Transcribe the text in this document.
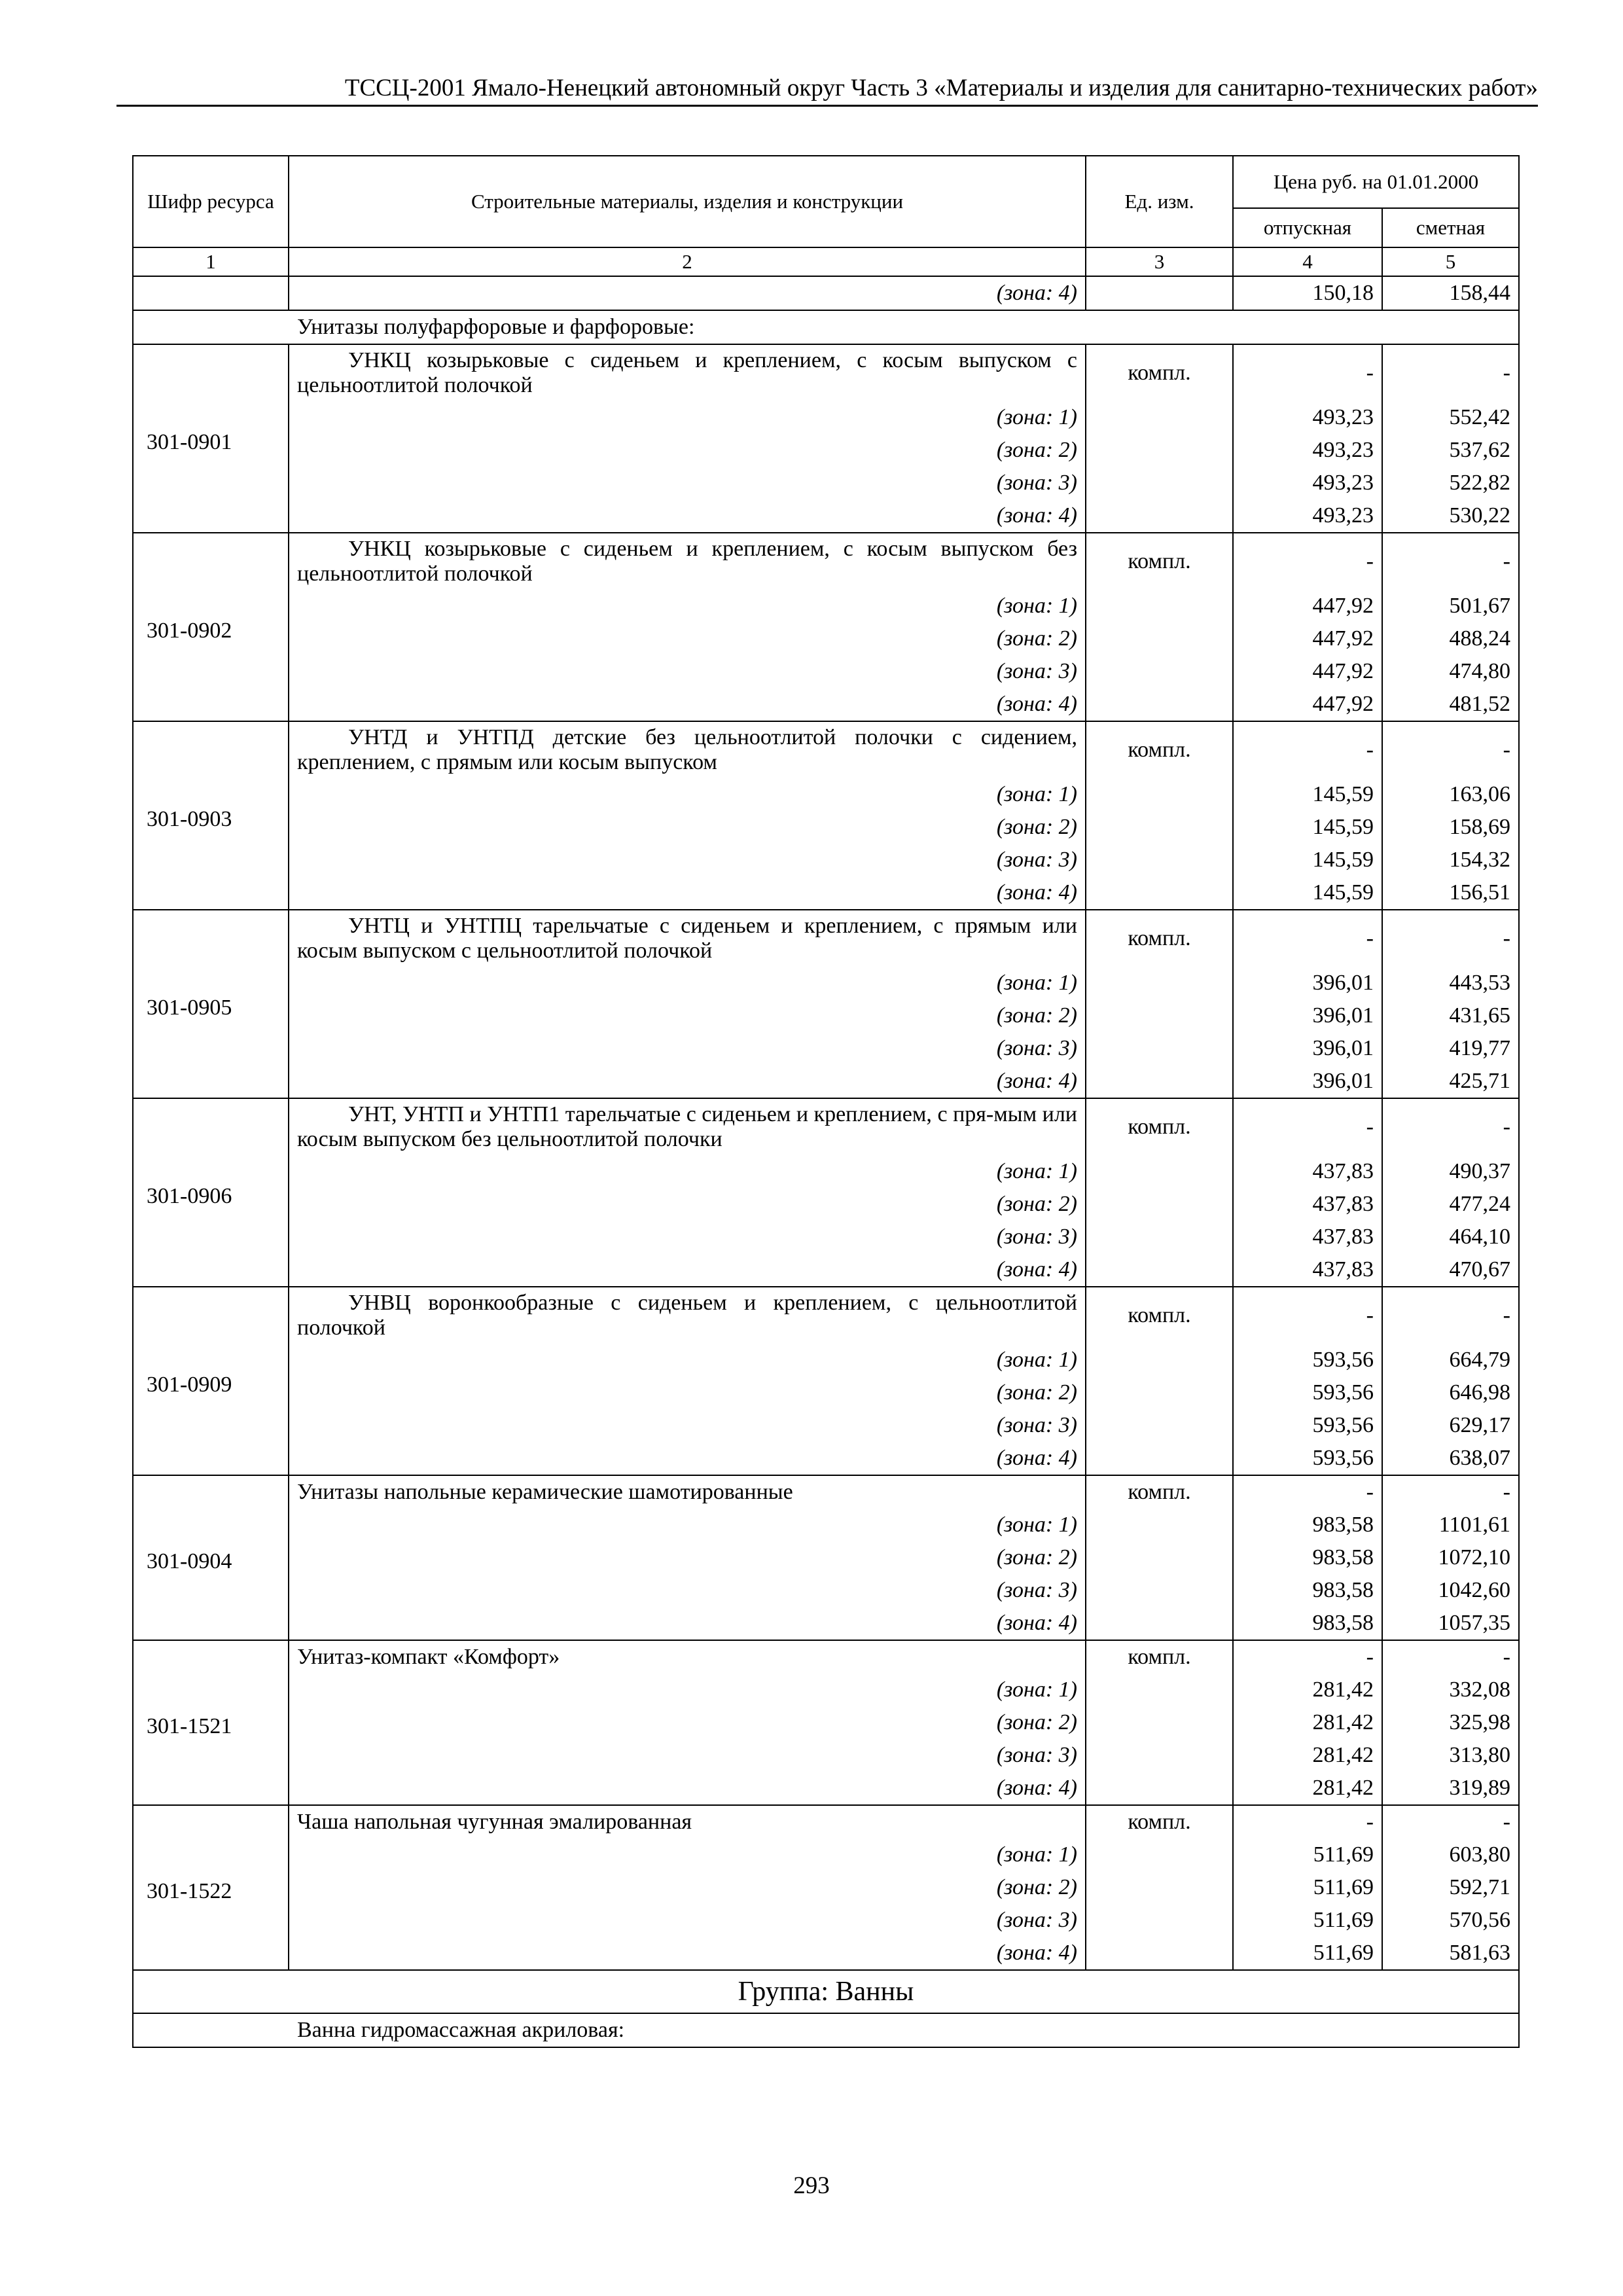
ТССЦ-2001 Ямало-Ненецкий автономный округ Часть 3 «Материалы и изделия для санитарно-технических работ»
Шифр ресурса	Строительные материалы, изделия и конструкции	Ед. изм.	Цена руб. на 01.01.2000	
			отпускная	сметная
1	2	3	4	5
	(зона: 4)		150,18	158,44
Унитазы полуфарфоровые и фарфоровые:				
301-0901	УНКЦ козырьковые с сиденьем и креплением, с косым выпуском с цельноотлитой полочкой	компл.	-	-
	(зона: 1)		493,23	552,42
	(зона: 2)		493,23	537,62
	(зона: 3)		493,23	522,82
	(зона: 4)		493,23	530,22
301-0902	УНКЦ козырьковые с сиденьем и креплением, с косым выпуском без цельноотлитой полочкой	компл.	-	-
	(зона: 1)		447,92	501,67
	(зона: 2)		447,92	488,24
	(зона: 3)		447,92	474,80
	(зона: 4)		447,92	481,52
301-0903	УНТД и УНТПД детские без цельноотлитой полочки с сидением, креплением, с прямым или косым выпуском	компл.	-	-
	(зона: 1)		145,59	163,06
	(зона: 2)		145,59	158,69
	(зона: 3)		145,59	154,32
	(зона: 4)		145,59	156,51
301-0905	УНТЦ и УНТПЦ тарельчатые с сиденьем и креплением, с прямым или косым выпуском с цельноотлитой полочкой	компл.	-	-
	(зона: 1)		396,01	443,53
	(зона: 2)		396,01	431,65
	(зона: 3)		396,01	419,77
	(зона: 4)		396,01	425,71
301-0906	УНТ, УНТП и УНТП1 тарельчатые с сиденьем и креплением, с пря-мым или косым выпуском без цельноотлитой полочки	компл.	-	-
	(зона: 1)		437,83	490,37
	(зона: 2)		437,83	477,24
	(зона: 3)		437,83	464,10
	(зона: 4)		437,83	470,67
301-0909	УНВЦ воронкообразные с сиденьем и креплением, с цельноотлитой полочкой	компл.	-	-
	(зона: 1)		593,56	664,79
	(зона: 2)		593,56	646,98
	(зона: 3)		593,56	629,17
	(зона: 4)		593,56	638,07
301-0904	Унитазы напольные керамические шамотированные	компл.	-	-
	(зона: 1)		983,58	1101,61
	(зона: 2)		983,58	1072,10
	(зона: 3)		983,58	1042,60
	(зона: 4)		983,58	1057,35
301-1521	Унитаз-компакт «Комфорт»	компл.	-	-
	(зона: 1)		281,42	332,08
	(зона: 2)		281,42	325,98
	(зона: 3)		281,42	313,80
	(зона: 4)		281,42	319,89
301-1522	Чаша напольная чугунная эмалированная	компл.	-	-
	(зона: 1)		511,69	603,80
	(зона: 2)		511,69	592,71
	(зона: 3)		511,69	570,56
	(зона: 4)		511,69	581,63
Группа: Ванны				
Ванна гидромассажная акриловая:				
293
